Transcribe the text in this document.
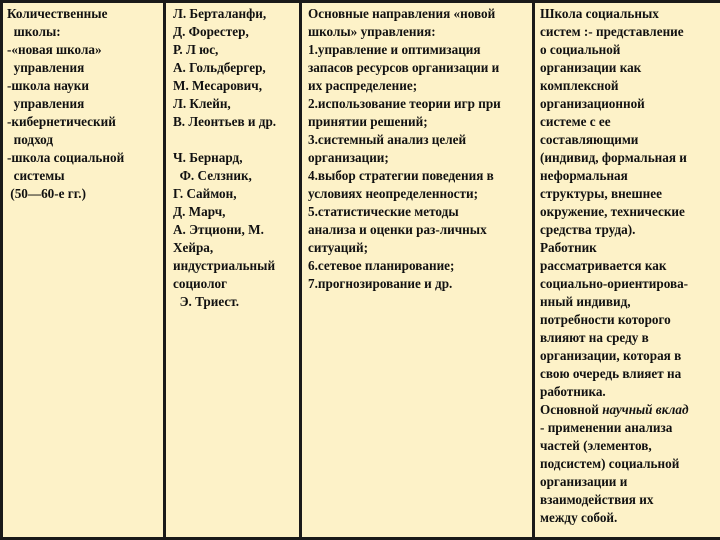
Количественные
школы:
-«новая школа»
управления
-школа науки
управления
-кибернетический
подход
-школа социальной
системы
(50—60-е гг.)

Л. Берталанфи,
Д. Форестер,
Р. Л юс,
А. Гольдбергер,
М. Месарович,
Л. Клейн,
В. Леонтьев и др.
Ч. Бернард,
Ф. Селзник,
Г. Саймон,
Д. Марч,
А. Этциони, М.
Хейра,
индустриальный
социолог
Э. Триест.

Основные направления «новой
школы» управления:
1.управление и оптимизация
запасов ресурсов организации и
их распределение;
2.использование теории игр при
принятии решений;
3.системный анализ целей
организации;
4.выбор стратегии поведения в
условиях неопределенности;
5.статистические методы
анализа и оценки раз-личных
ситуаций;
6.сетевое планирование;
7.прогнозирование и др.

Школа социальных
систем :- представление
о социальной
организации как
комплексной
организационной
системе с ее
составляющими
(индивид, формальная и
неформальная
структуры, внешнее
окружение, технические
средства труда).
Работник
рассматривается как
социально-ориентирова-
нный индивид,
потребности которого
влияют на среду в
организации, которая в
свою очередь влияет на
работника.
Основной научный вклад
- применении анализа
частей (элементов,
подсистем) социальной
организации и
взаимодействия их
между собой.
